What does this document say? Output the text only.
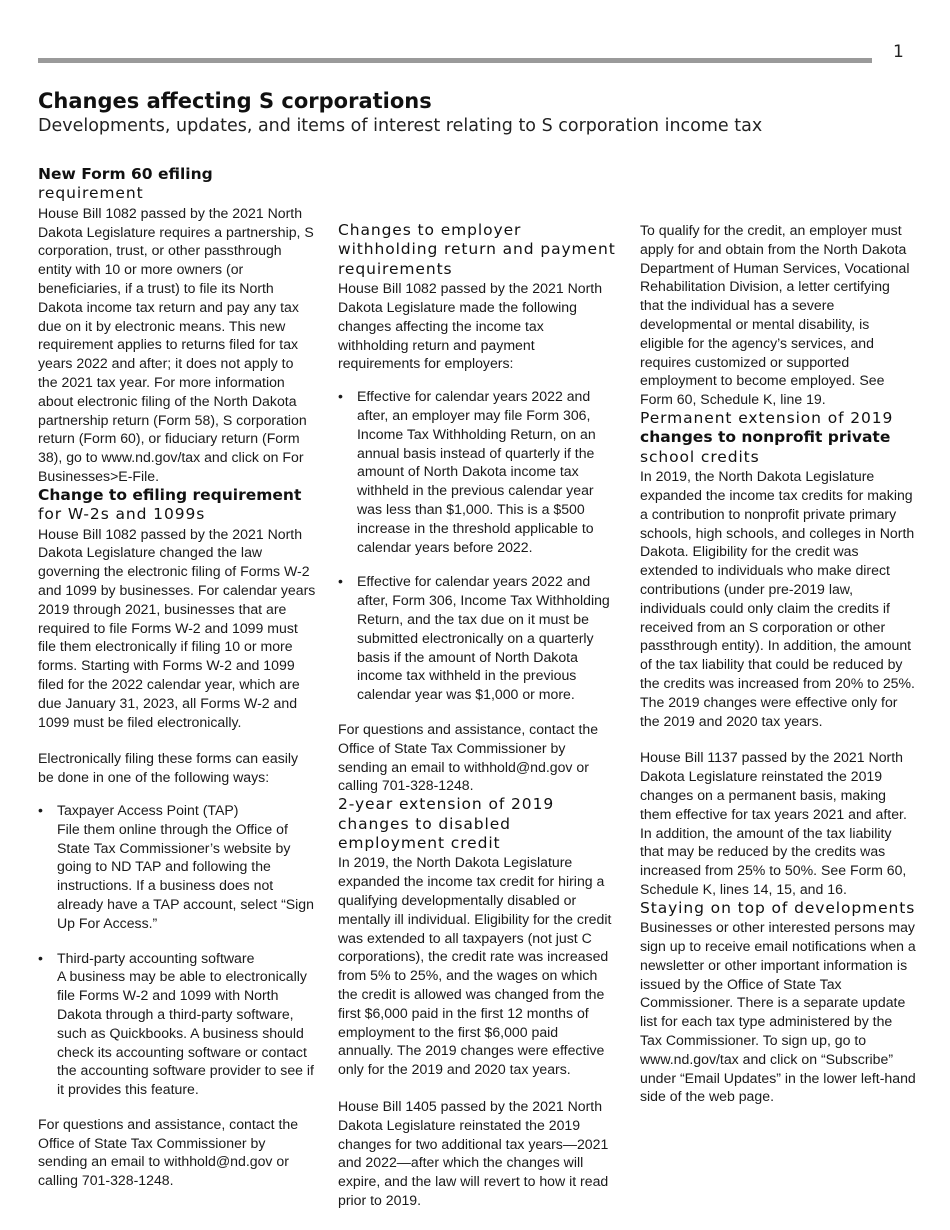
1
Changes affecting S corporations

Developments, updates, and items of interest relating to S corporation income tax

New Form 60 efiling
requirement

House Bill 1082 passed by the 2021 North Dakota Legislature requires a partnership, S corporation, trust, or other passthrough entity with 10 or more owners (or beneficiaries, if a trust) to file its North Dakota income tax return and pay any tax due on it by electronic means. This new requirement applies to returns filed for tax years 2022 and after; it does not apply to the 2021 tax year. For more information about electronic filing of the North Dakota partnership return (Form 58), S corporation return (Form 60), or fiduciary return (Form 38), go to www.nd.gov/tax and click on For Businesses>E-File.

Change to efiling requirement
for W-2s and 1099s

House Bill 1082 passed by the 2021 North Dakota Legislature changed the law governing the electronic filing of Forms W-2 and 1099 by businesses. For calendar years 2019 through 2021, businesses that are required to file Forms W-2 and 1099 must file them electronically if filing 10 or more forms. Starting with Forms W-2 and 1099 filed for the 2022 calendar year, which are due January 31, 2023, all Forms W-2 and 1099 must be filed electronically.

Electronically filing these forms can easily be done in one of the following ways:

• Taxpayer Access Point (TAP)
File them online through the Office of State Tax Commissioner’s website by going to ND TAP and following the instructions. If a business does not already have a TAP account, select “Sign Up For Access.”
• Third-party accounting software
A business may be able to electronically file Forms W-2 and 1099 with North Dakota through a third-party software, such as Quickbooks. A business should check its accounting software or contact the accounting software provider to see if it provides this feature.

For questions and assistance, contact the Office of State Tax Commissioner by sending an email to withhold@nd.gov or calling 701-328-1248.

Changes to employer withholding return and payment requirements

House Bill 1082 passed by the 2021 North Dakota Legislature made the following changes affecting the income tax withholding return and payment requirements for employers:

• Effective for calendar years 2022 and after, an employer may file Form 306, Income Tax Withholding Return, on an annual basis instead of quarterly if the amount of North Dakota income tax withheld in the previous calendar year was less than $1,000. This is a $500 increase in the threshold applicable to calendar years before 2022.
• Effective for calendar years 2022 and after, Form 306, Income Tax Withholding Return, and the tax due on it must be submitted electronically on a quarterly basis if the amount of North Dakota income tax withheld in the previous calendar year was $1,000 or more.

For questions and assistance, contact the Office of State Tax Commissioner by sending an email to withhold@nd.gov or calling 701-328-1248.

2-year extension of 2019 changes to disabled employment credit

In 2019, the North Dakota Legislature expanded the income tax credit for hiring a qualifying developmentally disabled or mentally ill individual. Eligibility for the credit was extended to all taxpayers (not just C corporations), the credit rate was increased from 5% to 25%, and the wages on which the credit is allowed was changed from the first $6,000 paid in the first 12 months of employment to the first $6,000 paid annually. The 2019 changes were effective only for the 2019 and 2020 tax years.

House Bill 1405 passed by the 2021 North Dakota Legislature reinstated the 2019 changes for two additional tax years—2021 and 2022—after which the changes will expire, and the law will revert to how it read prior to 2019.

To qualify for the credit, an employer must apply for and obtain from the North Dakota Department of Human Services, Vocational Rehabilitation Division, a letter certifying that the individual has a severe developmental or mental disability, is eligible for the agency’s services, and requires customized or supported employment to become employed. See Form 60, Schedule K, line 19.

Permanent extension of 2019
changes to nonprofit private
school credits

In 2019, the North Dakota Legislature expanded the income tax credits for making a contribution to nonprofit private primary schools, high schools, and colleges in North Dakota. Eligibility for the credit was extended to individuals who make direct contributions (under pre-2019 law, individuals could only claim the credits if received from an S corporation or other passthrough entity). In addition, the amount of the tax liability that could be reduced by the credits was increased from 20% to 25%. The 2019 changes were effective only for the 2019 and 2020 tax years.

House Bill 1137 passed by the 2021 North Dakota Legislature reinstated the 2019 changes on a permanent basis, making them effective for tax years 2021 and after. In addition, the amount of the tax liability that may be reduced by the credits was increased from 25% to 50%. See Form 60, Schedule K, lines 14, 15, and 16.

Staying on top of developments

Businesses or other interested persons may sign up to receive email notifications when a newsletter or other important information is issued by the Office of State Tax Commissioner. There is a separate update list for each tax type administered by the Tax Commissioner. To sign up, go to www.nd.gov/tax and click on “Subscribe” under “Email Updates” in the lower left-hand side of the web page.
